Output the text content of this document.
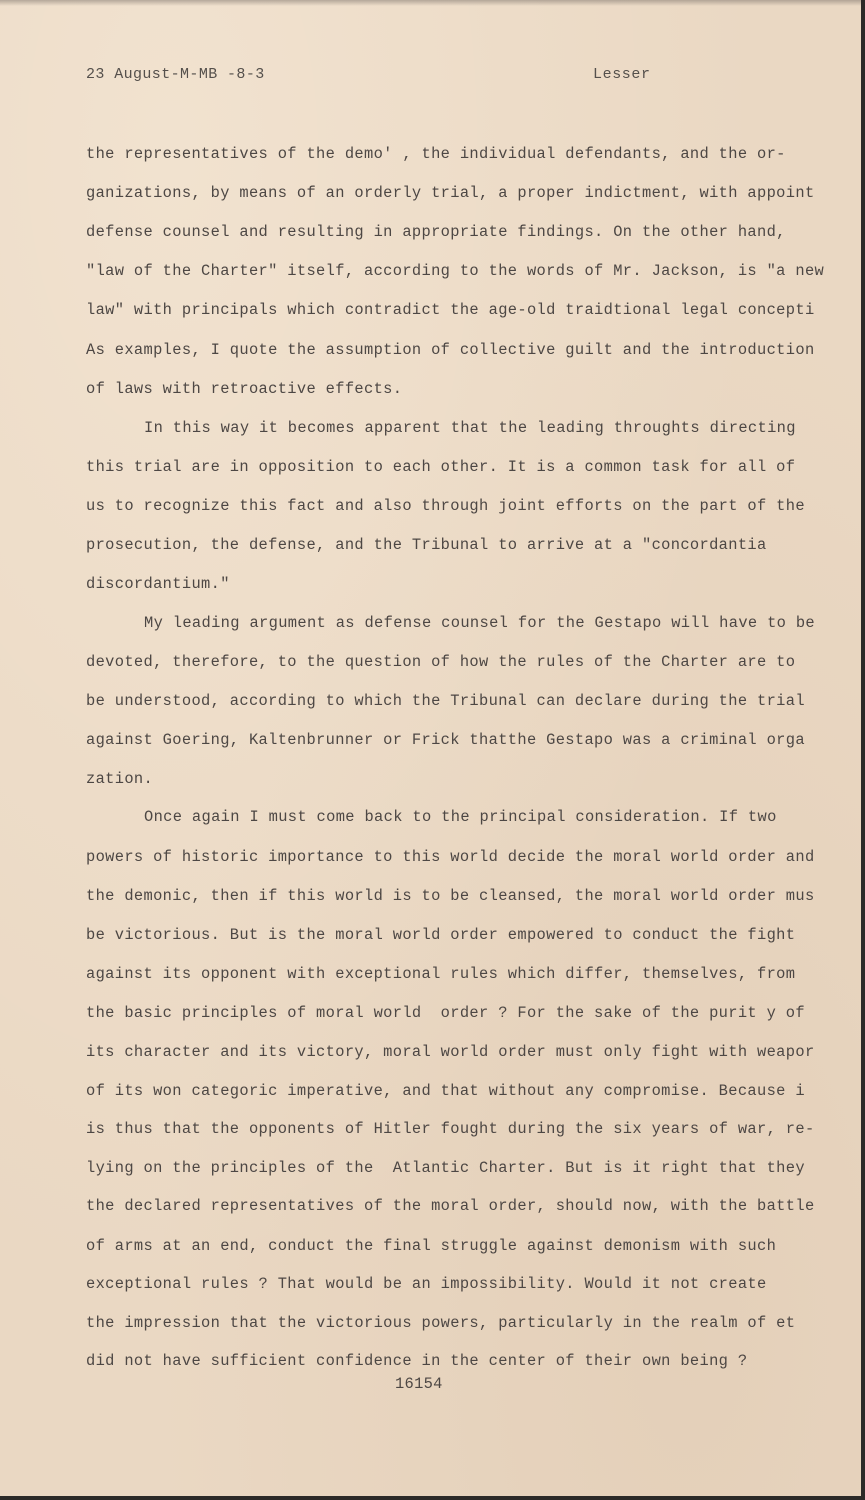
23 August-M-MB -8-3	Lesser
the representatives of the demo' , the individual defendants, and the or-
ganizations, by means of an orderly trial, a proper indictment, with appoint
defense counsel and resulting in appropriate findings. On the other hand,
"law of the Charter" itself, according to the words of Mr. Jackson, is "a new
law" with principals which contradict the age-old traidtional legal concepti
As examples, I quote the assumption of collective guilt and the introduction
of laws with retroactive effects.
In this way it becomes apparent that the leading throughts directing
this trial are in opposition to each other. It is a common task for all of
us to recognize this fact and also through joint efforts on the part of the
prosecution, the defense, and the Tribunal to arrive at a "concordantia
discordantium."
My leading argument as defense counsel for the Gestapo will have to be
devoted, therefore, to the question of how the rules of the Charter are to
be understood, according to which the Tribunal can declare during the trial
against Goering, Kaltenbrunner or Frick thatthe Gestapo was a criminal orga
zation.
Once again I must come back to the principal consideration. If two
powers of historic importance to this world decide the moral world order and
the demonic, then if this world is to be cleansed, the moral world order mus
be victorious. But is the moral world order empowered to conduct the fight
against its opponent with exceptional rules which differ, themselves, from
the basic principles of moral world  order ? For the sake of the purit y of
its character and its victory, moral world order must only fight with weapor
of its won categoric imperative, and that without any compromise. Because i
is thus that the opponents of Hitler fought during the six years of war, re-
lying on the principles of the  Atlantic Charter. But is it right that they
the declared representatives of the moral order, should now, with the battle
of arms at an end, conduct the final struggle against demonism with such
exceptional rules ? That would be an impossibility. Would it not create
the impression that the victorious powers, particularly in the realm of et
did not have sufficient confidence in the center of their own being ?
16154
